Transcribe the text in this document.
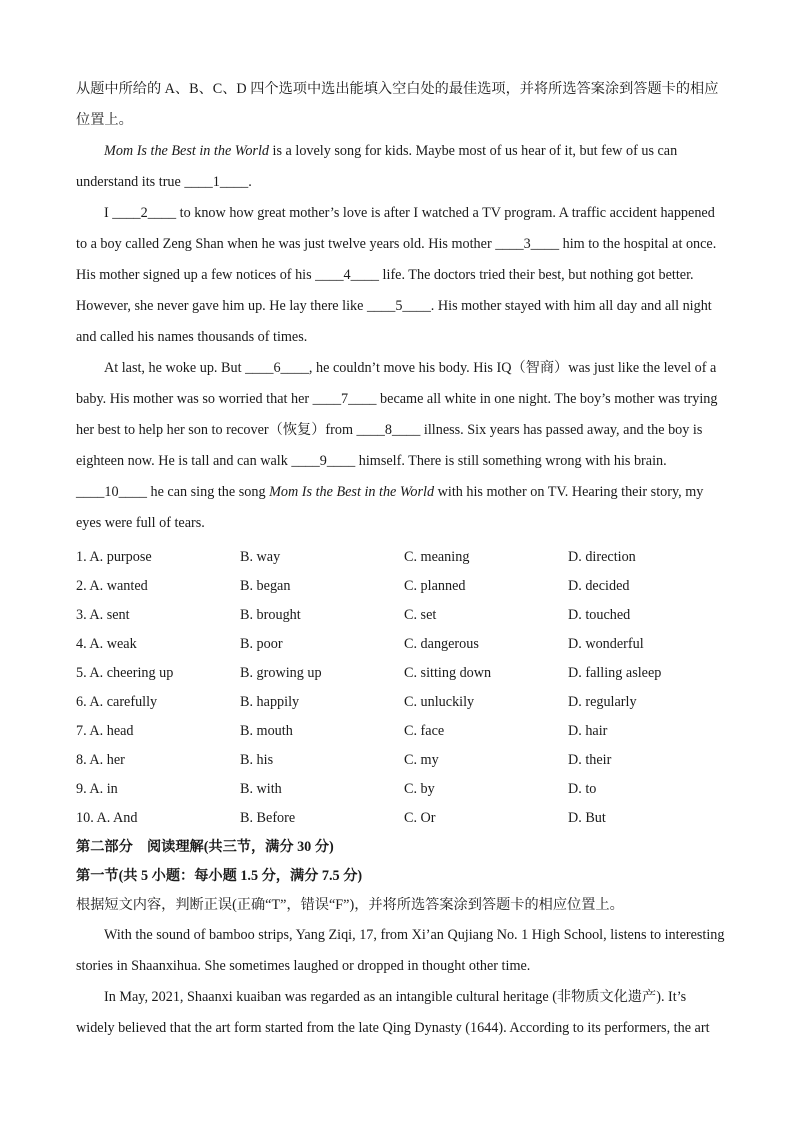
从题中所给的 A、B、C、D 四个选项中选出能填入空白处的最佳选项，并将所选答案涂到答题卡的相应
位置上。
Mom Is the Best in the World is a lovely song for kids. Maybe most of us hear of it, but few of us can
understand its true ____1____.
I ____2____ to know how great mother’s love is after I watched a TV program. A traffic accident happened
to a boy called Zeng Shan when he was just twelve years old. His mother ____3____ him to the hospital at once.
His mother signed up a few notices of his ____4____ life. The doctors tried their best, but nothing got better.
However, she never gave him up. He lay there like ____5____. His mother stayed with him all day and all night
and called his names thousands of times.
At last, he woke up. But ____6____, he couldn’t move his body. His IQ（智商）was just like the level of a
baby. His mother was so worried that her ____7____ became all white in one night. The boy’s mother was trying
her best to help her son to recover（恢复）from ____8____ illness. Six years has passed away, and the boy is
eighteen now. He is tall and can walk ____9____ himself. There is still something wrong with his brain.
____10____ he can sing the song Mom Is the Best in the World with his mother on TV. Hearing their story, my
eyes were full of tears.
1. A. purpose	B. way	C. meaning	D. direction
2. A. wanted	B. began	C. planned	D. decided
3. A. sent	B. brought	C. set	D. touched
4. A. weak	B. poor	C. dangerous	D. wonderful
5. A. cheering up	B. growing up	C. sitting down	D. falling asleep
6. A. carefully	B. happily	C. unluckily	D. regularly
7. A. head	B. mouth	C. face	D. hair
8. A. her	B. his	C. my	D. their
9. A. in	B. with	C. by	D. to
10. A. And	B. Before	C. Or	D. But
第二部分　阅读理解(共三节，满分 30 分)
第一节(共 5 小题：每小题 1.5 分，满分 7.5 分)
根据短文内容，判断正误(正确“T”，错误“F”)，并将所选答案涂到答题卡的相应位置上。
With the sound of bamboo strips, Yang Ziqi, 17, from Xi’an Qujiang No. 1 High School, listens to interesting
stories in Shaanxihua. She sometimes laughed or dropped in thought other time.
In May, 2021, Shaanxi kuaiban was regarded as an intangible cultural heritage (非物质文化遗产). It’s
widely believed that the art form started from the late Qing Dynasty (1644). According to its performers, the art
